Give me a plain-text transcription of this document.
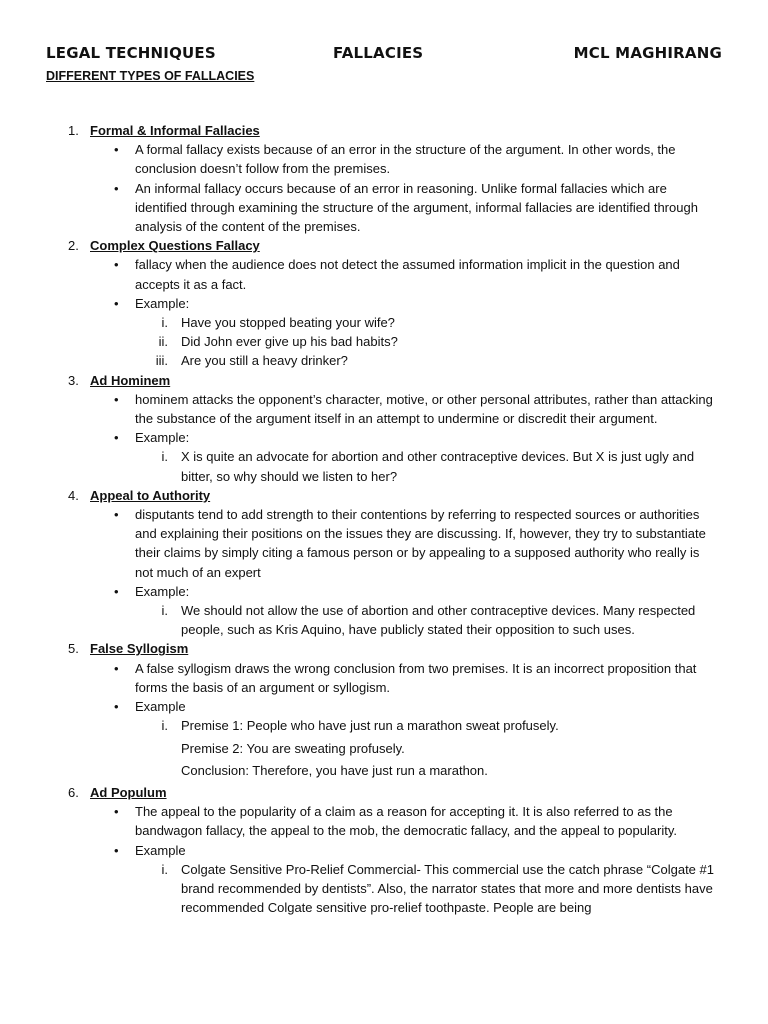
LEGAL TECHNIQUES	FALLACIES	MCL MAGHIRANG
DIFFERENT TYPES OF FALLACIES
1. Formal & Informal Fallacies
• A formal fallacy exists because of an error in the structure of the argument. In other words, the conclusion doesn’t follow from the premises.
• An informal fallacy occurs because of an error in reasoning. Unlike formal fallacies which are identified through examining the structure of the argument, informal fallacies are identified through analysis of the content of the premises.
2. Complex Questions Fallacy
• fallacy when the audience does not detect the assumed information implicit in the question and accepts it as a fact.
• Example:
i. Have you stopped beating your wife?
ii. Did John ever give up his bad habits?
iii. Are you still a heavy drinker?
3. Ad Hominem
• hominem attacks the opponent’s character, motive, or other personal attributes, rather than attacking the substance of the argument itself in an attempt to undermine or discredit their argument.
• Example:
i. X is quite an advocate for abortion and other contraceptive devices. But X is just ugly and bitter, so why should we listen to her?
4. Appeal to Authority
• disputants tend to add strength to their contentions by referring to respected sources or authorities and explaining their positions on the issues they are discussing. If, however, they try to substantiate their claims by simply citing a famous person or by appealing to a supposed authority who really is not much of an expert
• Example:
i. We should not allow the use of abortion and other contraceptive devices. Many respected people, such as Kris Aquino, have publicly stated their opposition to such uses.
5. False Syllogism
• A false syllogism draws the wrong conclusion from two premises. It is an incorrect proposition that forms the basis of an argument or syllogism.
• Example
i. Premise 1: People who have just run a marathon sweat profusely.
Premise 2: You are sweating profusely.
Conclusion: Therefore, you have just run a marathon.
6. Ad Populum
• The appeal to the popularity of a claim as a reason for accepting it. It is also referred to as the bandwagon fallacy, the appeal to the mob, the democratic fallacy, and the appeal to popularity.
• Example
i. Colgate Sensitive Pro-Relief Commercial- This commercial use the catch phrase “Colgate #1 brand recommended by dentists”. Also, the narrator states that more and more dentists have recommended Colgate sensitive pro-relief toothpaste. People are being
